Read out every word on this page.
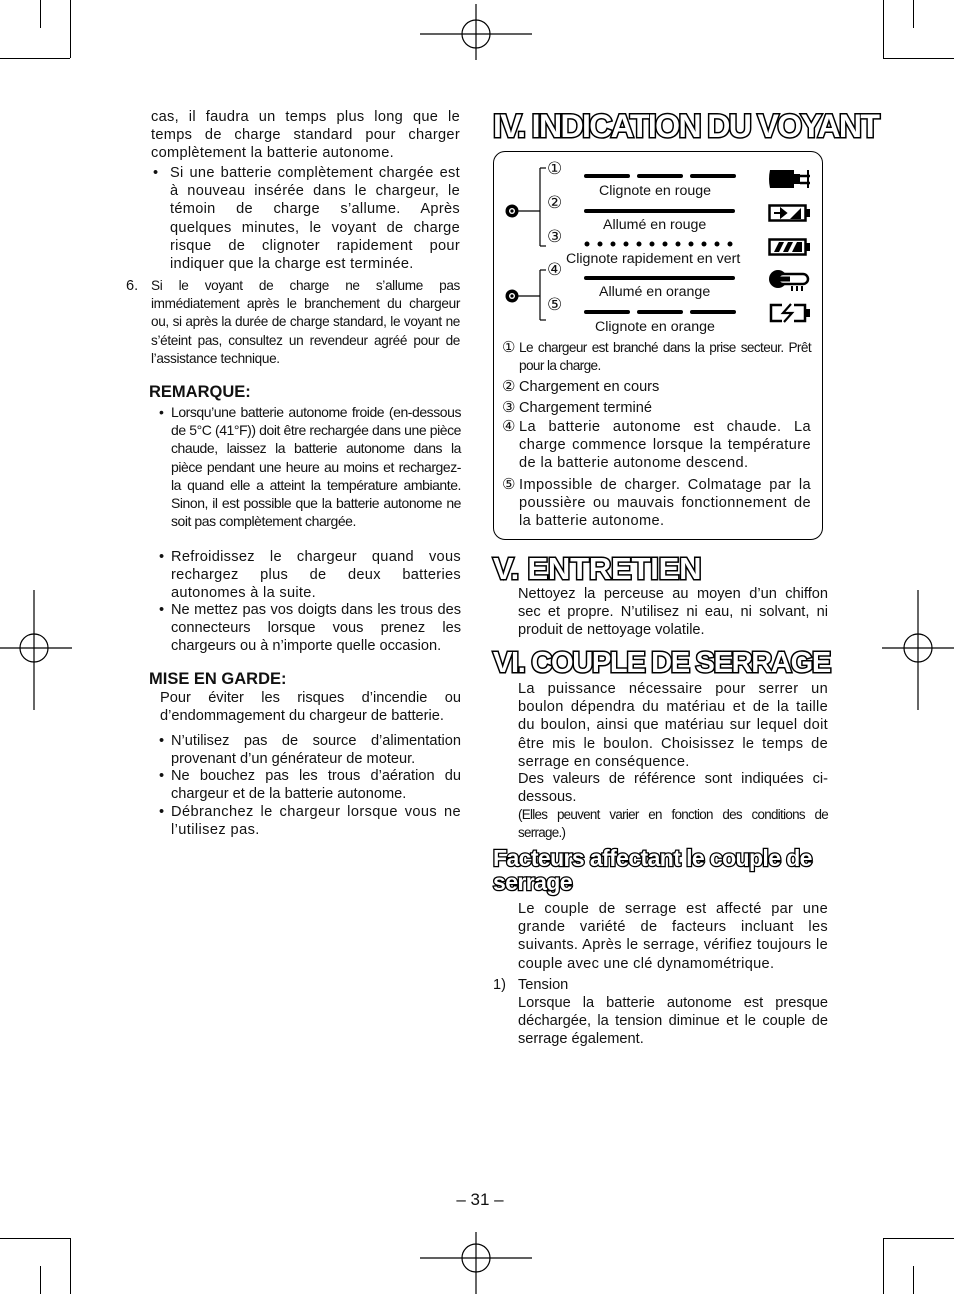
cas, il faudra un temps plus long que le temps de charge standard pour charger complètement la batterie autonome.
• Si une batterie complètement chargée est à nouveau insérée dans le chargeur, le témoin de charge s’allume. Après quelques minutes, le voyant de charge risque de clignoter rapidement pour indiquer que la charge est terminée.
6. Si le voyant de charge ne s’allume pas immédiatement après le branchement du chargeur ou, si après la durée de charge standard, le voyant ne s’éteint pas, consultez un revendeur agréé pour de l’assistance technique.
REMARQUE:
• Lorsqu’une batterie autonome froide (en-dessous de 5°C (41°F)) doit être rechargée dans une pièce chaude, laissez la batterie autonome dans la pièce pendant une heure au moins et rechargez-la quand elle a atteint la température ambiante. Sinon, il est possible que la batterie autonome ne soit pas complètement chargée.
• Refroidissez le chargeur quand vous rechargez plus de deux batteries autonomes à la suite.
• Ne mettez pas vos doigts dans les trous des connecteurs lorsque vous prenez les chargeurs ou à n’importe quelle occasion.
MISE EN GARDE:
Pour éviter les risques d’incendie ou d’endommagement du chargeur de batterie.
• N’utilisez pas de source d’alimentation provenant d’un générateur de moteur.
• Ne bouchez pas les trous d’aération du chargeur et de la batterie autonome.
• Débranchez le chargeur lorsque vous ne l’utilisez pas.
IV. INDICATION DU VOYANT
①
②
③
④
⑤
Clignote en rouge
Allumé en rouge
Clignote rapidement en vert
Allumé en orange
Clignote en orange
① Le chargeur est branché dans la prise secteur. Prêt pour la charge.
② Chargement en cours
③ Chargement terminé
④ La batterie autonome est chaude. La charge commence lorsque la température de la batterie autonome descend.
⑤ Impossible de charger. Colmatage par la poussière ou mauvais fonctionnement de la batterie autonome.
V. ENTRETIEN
Nettoyez la perceuse au moyen d’un chiffon sec et propre. N’utilisez ni eau, ni solvant, ni produit de nettoyage volatile.
VI. COUPLE DE SERRAGE
La puissance nécessaire pour serrer un boulon dépendra du matériau et de la taille du boulon, ainsi que matériau sur lequel doit être mis le boulon. Choisissez le temps de serrage en conséquence.
Des valeurs de référence sont indiquées ci-dessous.
(Elles peuvent varier en fonction des conditions de serrage.)
Facteurs affectant le couple de serrage
Le couple de serrage est affecté par une grande variété de facteurs incluant les suivants. Après le serrage, vérifiez toujours le couple avec une clé dynamométrique.
1) Tension
Lorsque la batterie autonome est presque déchargée, la tension diminue et le couple de serrage également.
– 31 –
